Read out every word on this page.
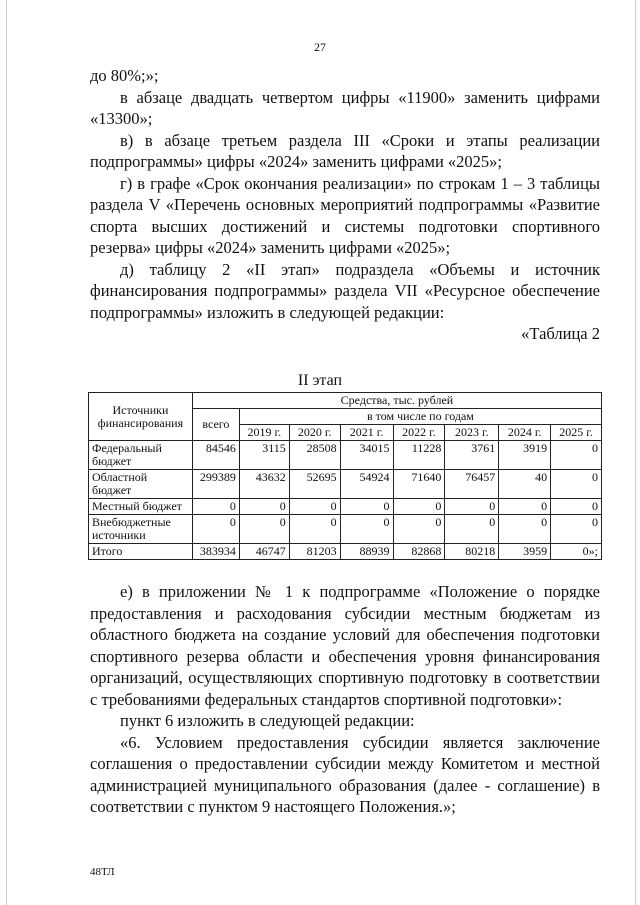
27

до 80%;»;

в абзаце двадцать четвертом цифры «11900» заменить цифрами «13300»;

в) в абзаце третьем раздела III «Сроки и этапы реализации подпрограммы» цифры «2024» заменить цифрами «2025»;

г) в графе «Срок окончания реализации» по строкам 1 – 3 таблицы раздела V «Перечень основных мероприятий подпрограммы «Развитие спорта высших достижений и системы подготовки спортивного резерва» цифры «2024» заменить цифрами «2025»;

д) таблицу 2 «II этап» подраздела «Объемы и источник финансирования подпрограммы» раздела VII «Ресурсное обеспечение подпрограммы» изложить в следующей редакции:

«Таблица 2

II этап
Источники финансирования	Средства, тыс. рублей							
	всего	в том числе по годам						
		2019 г.	2020 г.	2021 г.	2022 г.	2023 г.	2024 г.	2025 г.
Федеральный бюджет	84546	3115	28508	34015	11228	3761	3919	0
Областной бюджет	299389	43632	52695	54924	71640	76457	40	0
Местный бюджет	0	0	0	0	0	0	0	0
Внебюджетные источники	0	0	0	0	0	0	0	0
Итого	383934	46747	81203	88939	82868	80218	3959	0»;

е) в приложении № 1 к подпрограмме «Положение о порядке предоставления и расходования субсидии местным бюджетам из областного бюджета на создание условий для обеспечения подготовки спортивного резерва области и обеспечения уровня финансирования организаций, осуществляющих спортивную подготовку в соответствии с требованиями федеральных стандартов спортивной подготовки»:

пункт 6 изложить в следующей редакции:

«6. Условием предоставления субсидии является заключение соглашения о предоставлении субсидии между Комитетом и местной администрацией муниципального образования (далее - соглашение) в соответствии с пунктом 9 настоящего Положения.»;

48ТЛ
